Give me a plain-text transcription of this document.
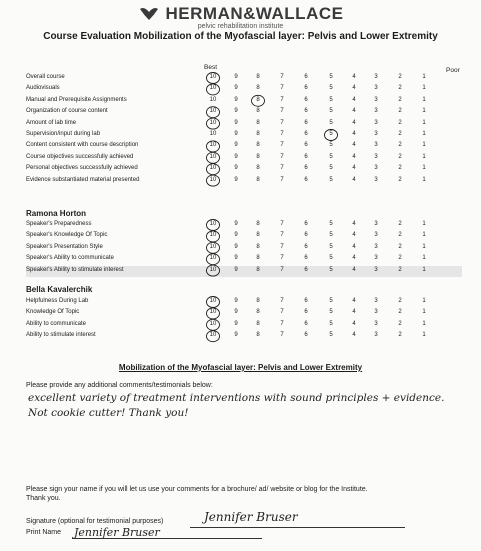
HERMAN&WALLACE
pelvic rehabilitation institute
Course Evaluation Mobilization of the Myofascial layer: Pelvis and Lower Extremity
Best	Poor
Overall course	10	9	8	7	6	5	4	3	2	1
Audiovisuals	10	9	8	7	6	5	4	3	2	1
Manual and Prerequisite Assignments	10	9	8	7	6	5	4	3	2	1
Organization of course content	10	9	8	7	6	5	4	3	2	1
Amount of lab time	10	9	8	7	6	5	4	3	2	1
Supervision/input during lab	10	9	8	7	6	5	4	3	2	1
Content consistent with course description	10	9	8	7	6	5	4	3	2	1
Course objectives successfully achieved	10	9	8	7	6	5	4	3	2	1
Personal objectives successfully achieved	10	9	8	7	6	5	4	3	2	1
Evidence substantiated material presented	10	9	8	7	6	5	4	3	2	1
Ramona Horton
Speaker's Preparedness	10	9	8	7	6	5	4	3	2	1
Speaker's Knowledge Of Topic	10	9	8	7	6	5	4	3	2	1
Speaker's Presentation Style	10	9	8	7	6	5	4	3	2	1
Speaker's Ability to communicate	10	9	8	7	6	5	4	3	2	1
Speaker's Ability to stimulate interest	10	9	8	7	6	5	4	3	2	1
Bella Kavalerchik
Helpfulness During Lab	10	9	8	7	6	5	4	3	2	1
Knowledge Of Topic	10	9	8	7	6	5	4	3	2	1
Ability to communicate	10	9	8	7	6	5	4	3	2	1
Ability to stimulate interest	10	9	8	7	6	5	4	3	2	1
Mobilization of the Myofascial layer: Pelvis and Lower Extremity
Please provide any additional comments/testimonials below:
excellent variety of treatment interventions with sound principles + evidence.
Not cookie cutter! Thank you!
Please sign your name if you will let us use your comments for a brochure/ ad/ website or blog for the Institute.
Thank you.
Signature (optional for testimonial purposes)	Jennifer Bruser
Print Name Jennifer Bruser
